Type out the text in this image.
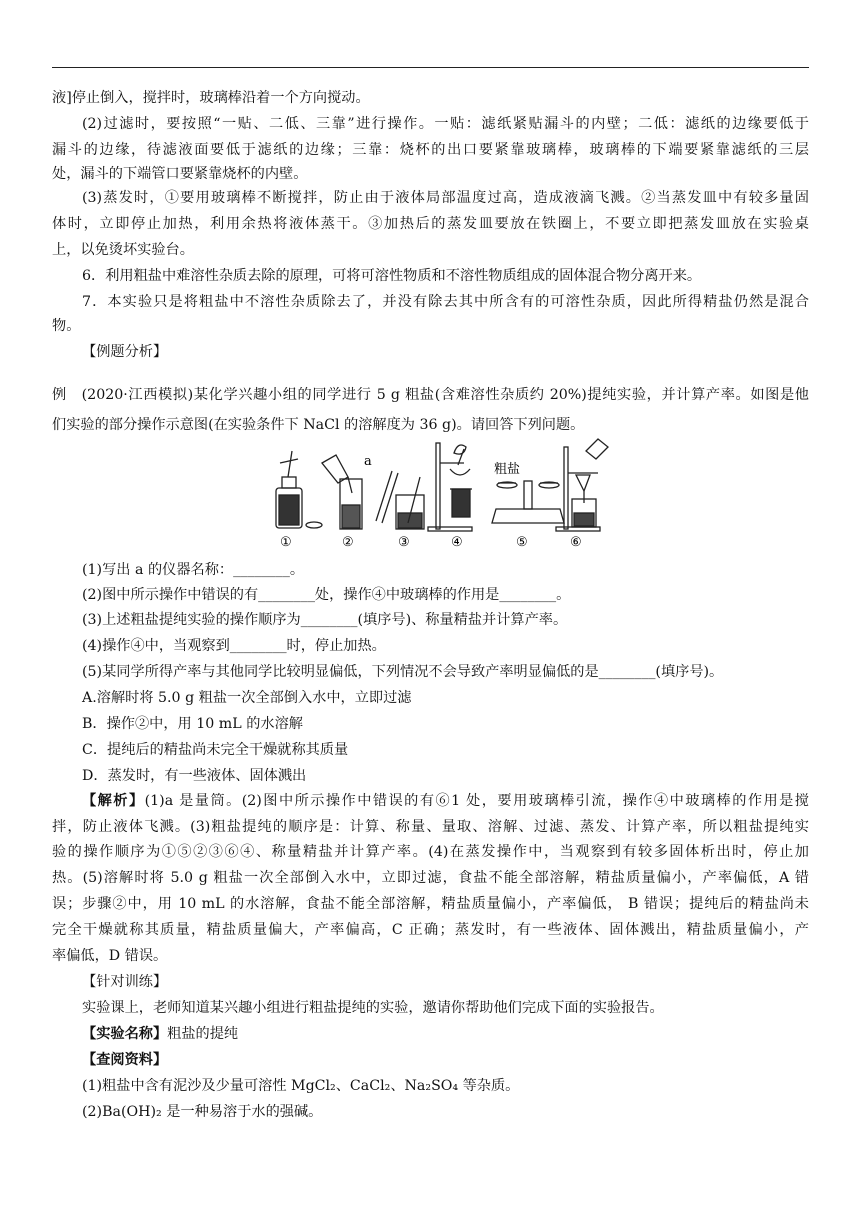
液]停止倒入，搅拌时，玻璃棒沿着一个方向搅动。
(2)过滤时，要按照“一贴、二低、三靠”进行操作。一贴：滤纸紧贴漏斗的内壁；二低：滤纸的边缘要低于
漏斗的边缘，待滤液面要低于滤纸的边缘；三靠：烧杯的出口要紧靠玻璃棒，玻璃棒的下端要紧靠滤纸的三层
处，漏斗的下端管口要紧靠烧杯的内壁。
(3)蒸发时，①要用玻璃棒不断搅拌，防止由于液体局部温度过高，造成液滴飞溅。②当蒸发皿中有较多量固
体时，立即停止加热，利用余热将液体蒸干。③加热后的蒸发皿要放在铁圈上，不要立即把蒸发皿放在实验桌
上，以免烫坏实验台。
6．利用粗盐中难溶性杂质去除的原理，可将可溶性物质和不溶性物质组成的固体混合物分离开来。
7．本实验只是将粗盐中不溶性杂质除去了，并没有除去其中所含有的可溶性杂质，因此所得精盐仍然是混合
物。
【例题分析】
例　(2020·江西模拟)某化学兴趣小组的同学进行 5 g 粗盐(含难溶性杂质约 20%)提纯实验，并计算产率。如图是他
们实验的部分操作示意图(在实验条件下 NaCl 的溶解度为 36 g)。请回答下列问题。
a
粗盐
①	②	③	④	⑤	⑥
(1)写出 a 的仪器名称：________。
(2)图中所示操作中错误的有________处，操作④中玻璃棒的作用是________。
(3)上述粗盐提纯实验的操作顺序为________(填序号)、称量精盐并计算产率。
(4)操作④中，当观察到________时，停止加热。
(5)某同学所得产率与其他同学比较明显偏低，下列情况不会导致产率明显偏低的是________(填序号)。
A.溶解时将 5.0 g 粗盐一次全部倒入水中，立即过滤
B．操作②中，用 10 mL 的水溶解
C．提纯后的精盐尚未完全干燥就称其质量
D．蒸发时，有一些液体、固体溅出
【解析】(1)a 是量筒。(2)图中所示操作中错误的有⑥1 处，要用玻璃棒引流，操作④中玻璃棒的作用是搅
拌，防止液体飞溅。(3)粗盐提纯的顺序是：计算、称量、量取、溶解、过滤、蒸发、计算产率，所以粗盐提纯实
验的操作顺序为①⑤②③⑥④、称量精盐并计算产率。(4)在蒸发操作中，当观察到有较多固体析出时，停止加
热。(5)溶解时将 5.0 g 粗盐一次全部倒入水中，立即过滤，食盐不能全部溶解，精盐质量偏小，产率偏低，A 错
误；步骤②中，用 10 mL 的水溶解，食盐不能全部溶解，精盐质量偏小，产率偏低， B 错误；提纯后的精盐尚未
完全干燥就称其质量，精盐质量偏大，产率偏高，C 正确；蒸发时，有一些液体、固体溅出，精盐质量偏小，产
率偏低，D 错误。
【针对训练】
实验课上，老师知道某兴趣小组进行粗盐提纯的实验，邀请你帮助他们完成下面的实验报告。
【实验名称】粗盐的提纯
【查阅资料】
(1)粗盐中含有泥沙及少量可溶性 MgCl₂、CaCl₂、Na₂SO₄ 等杂质。
(2)Ba(OH)₂ 是一种易溶于水的强碱。
